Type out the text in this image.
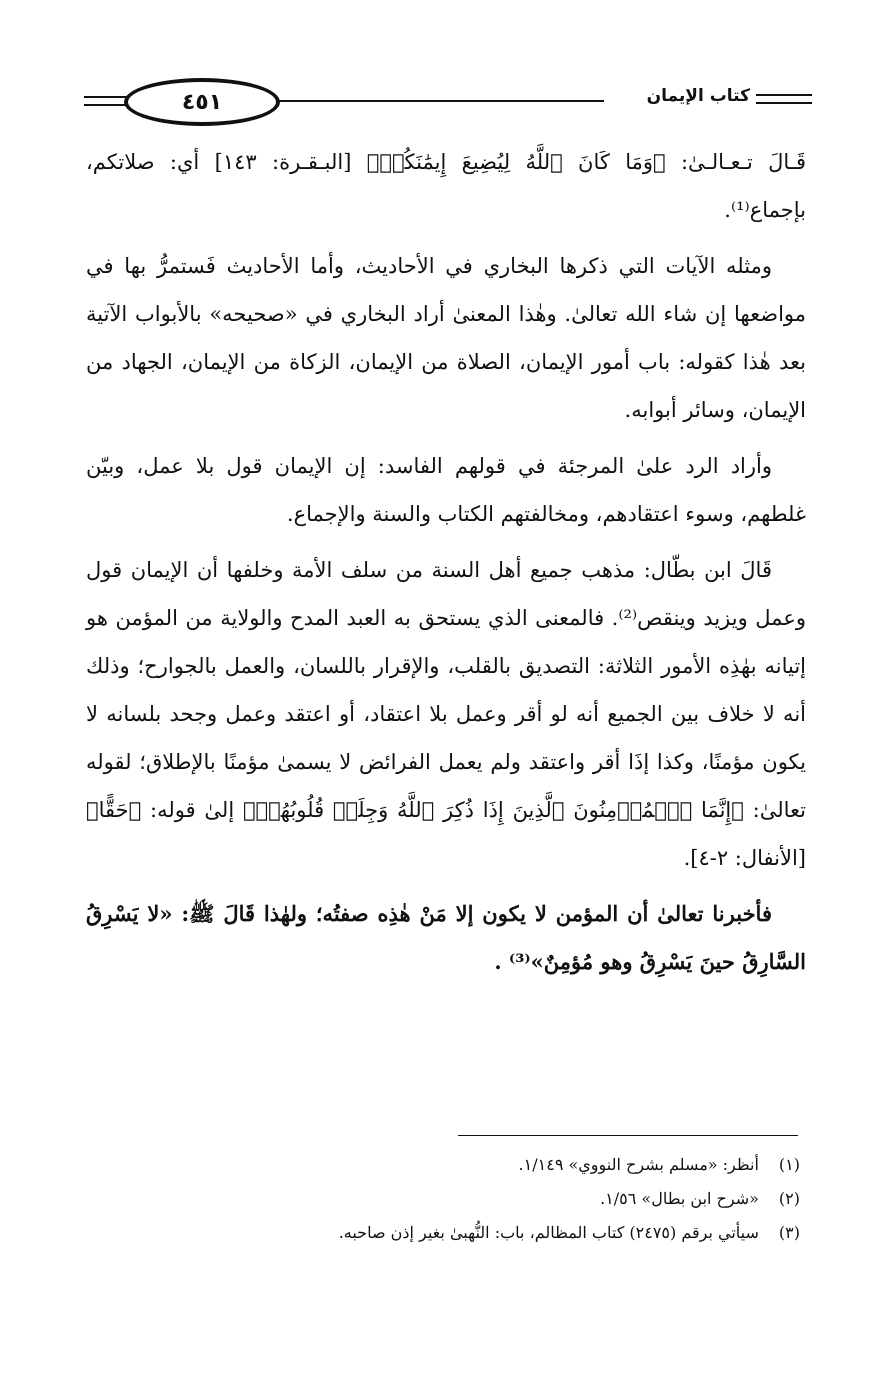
٤٥١	كتاب الإيمان

قَـالَ تـعـالـىٰ: ﴿وَمَا كَانَ ٱللَّهُ لِيُضِيعَ إِيمَٰنَكُمۡ﴾ [البـقـرة: ١٤٣] أي: صلاتكم، بإجماع⁽¹⁾.

ومثله الآيات التي ذكرها البخاري في الأحاديث، وأما الأحاديث فَستمرُّ بها في مواضعها إن شاء الله تعالىٰ. وهٰذا المعنىٰ أراد البخاري في «صحيحه» بالأبواب الآتية بعد هٰذا كقوله: باب أمور الإيمان، الصلاة من الإيمان، الزكاة من الإيمان، الجهاد من الإيمان، وسائر أبوابه.

وأراد الرد علىٰ المرجئة في قولهم الفاسد: إن الإيمان قول بلا عمل، وبيّن غلطهم، وسوء اعتقادهم، ومخالفتهم الكتاب والسنة والإجماع.

قَالَ ابن بطّال: مذهب جميع أهل السنة من سلف الأمة وخلفها أن الإيمان قول وعمل ويزيد وينقص⁽²⁾. فالمعنى الذي يستحق به العبد المدح والولاية من المؤمن هو إتيانه بهٰذِه الأمور الثلاثة: التصديق بالقلب، والإقرار باللسان، والعمل بالجوارح؛ وذلك أنه لا خلاف بين الجميع أنه لو أقر وعمل بلا اعتقاد، أو اعتقد وعمل وجحد بلسانه لا يكون مؤمنًا، وكذا إذَا أقر واعتقد ولم يعمل الفرائض لا يسمىٰ مؤمنًا بالإطلاق؛ لقوله تعالىٰ: ﴿إِنَّمَا ٱلۡمُؤۡمِنُونَ ٱلَّذِينَ إِذَا ذُكِرَ ٱللَّهُ وَجِلَتۡ قُلُوبُهُمۡ﴾ إلىٰ قوله: ﴿حَقًّا﴾ [الأنفال: ٢-٤].

فأخبرنا تعالىٰ أن المؤمن لا يكون إلا مَنْ هٰذِه صفتُه؛ ولهٰذا قَالَ ﷺ: «لا يَسْرِقُ السَّارِقُ حينَ يَسْرِقُ وهو مُؤمِنٌ»⁽³⁾ .

(١) أنظر: «مسلم بشرح النووي» ١/١٤٩.
(٢) «شرح ابن بطال» ١/٥٦.
(٣) سيأتي برقم (٢٤٧٥) كتاب المظالم، باب: النُّهبىٰ بغير إذن صاحبه.
